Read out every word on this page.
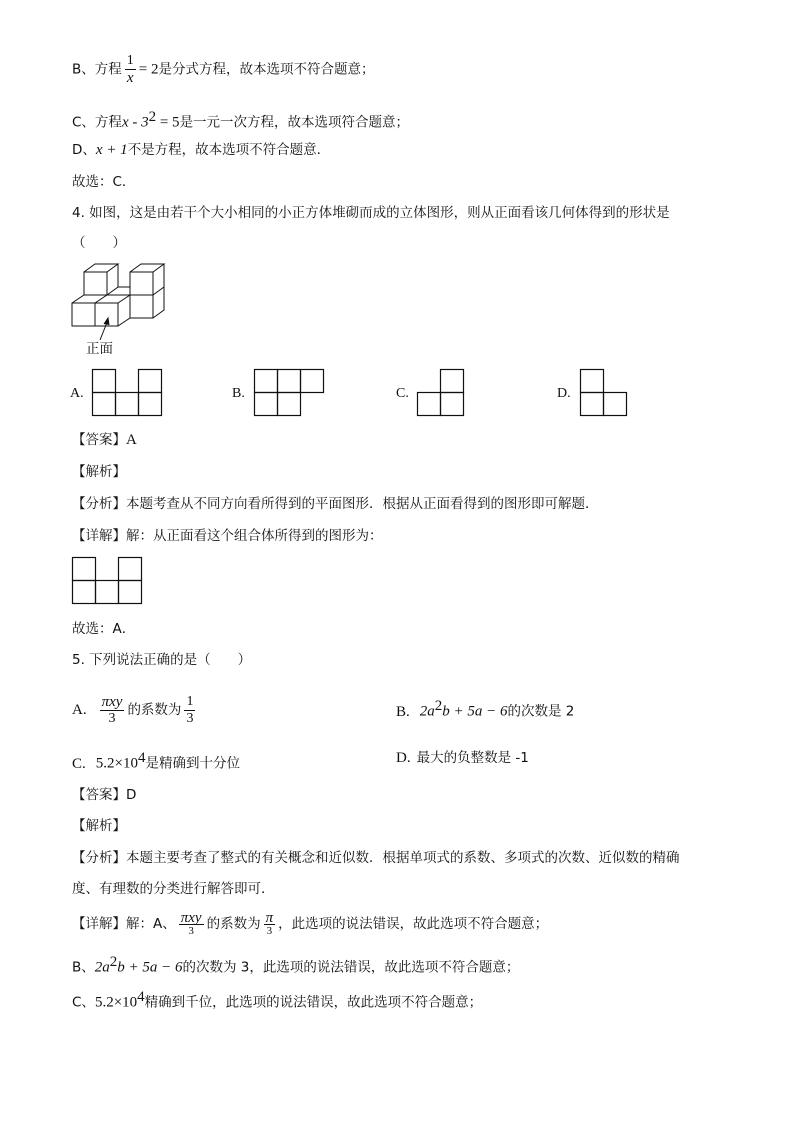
B、方程 $\frac{1}{x} = 2$是分式方程，故本选项不符合题意；
C、方程$x - 3^2 = 5$是一元一次方程，故本选项符合题意；
D、x + 1不是方程，故本选项不符合题意．
故选：C．
4. 如图，这是由若干个大小相同的小正方体堆砌而成的立体图形，则从正面看该几何体得到的形状是
（　　）
正面
A.	B.	C.	D.
【答案】A
【解析】
【分析】本题考查从不同方向看所得到的平面图形．根据从正面看得到的图形即可解题．
【详解】解：从正面看这个组合体所得到的图形为：
故选：A．
5. 下列说法正确的是（　　）
A. $\frac{\text{πxy}}{3}$ 的系数为 $\frac{1}{3}$	B. $2a^2b + 5a - 6$的次数是 2
C. $5.2\times 10^4$是精确到十分位	D. 最大的负整数是 -1
【答案】D
【解析】
【分析】本题主要考查了整式的有关概念和近似数．根据单项式的系数、多项式的次数、近似数的精确
度、有理数的分类进行解答即可．
【详解】解：A、 $\frac{\text{πxy}}{3}$ 的系数为 $\frac{\pi}{3}$ ，此选项的说法错误，故此选项不符合题意；
B、$2a^2b + 5a - 6$的次数为 3，此选项的说法错误，故此选项不符合题意；
C、$5.2\times 10^4$精确到千位，此选项的说法错误，故此选项不符合题意；
